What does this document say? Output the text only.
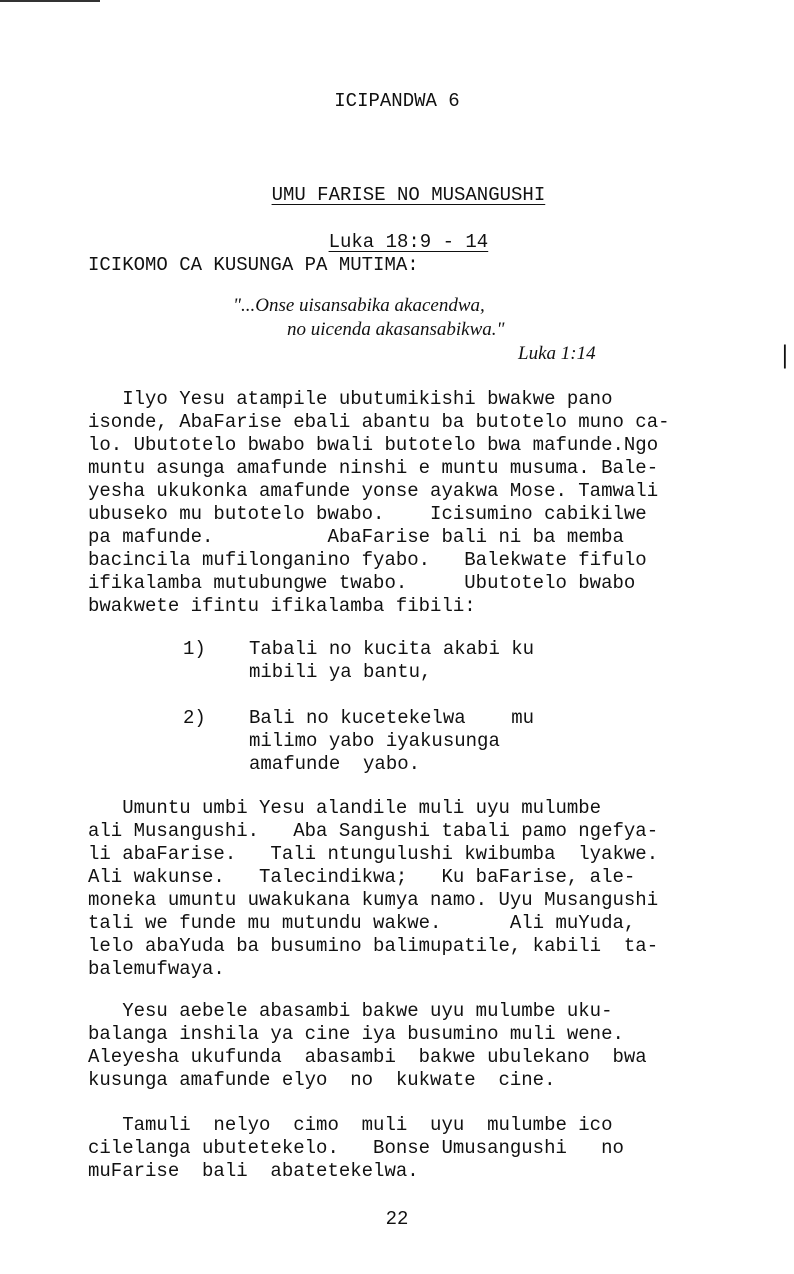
ICIPANDWA 6

UMU FARISE NO MUSANGUSHI

Luka 18:9 - 14

ICIKOMO CA KUSUNGA PA MUTIMA:
"...Onse uisansabika akacendwa,
no uicenda akasansabikwa."
Luka 1:14	|
Ilyo Yesu atampile ubutumikishi bwakwe pano
isonde, AbaFarise ebali abantu ba butotelo muno ca-
lo. Ubutotelo bwabo bwali butotelo bwa mafunde.Ngo
muntu asunga amafunde ninshi e muntu musuma. Bale-
yesha ukukonka amafunde yonse ayakwa Mose. Tamwali
ubuseko mu butotelo bwabo.    Icisumino cabikilwe
pa mafunde.          AbaFarise bali ni ba memba
bacincila mufilonganino fyabo.   Balekwate fifulo
ifikalamba mutubungwe twabo.     Ubutotelo bwabo
bwakwete ifintu ifikalamba fibili:
1) Tabali no kucita akabi ku
mibili ya bantu,
2) Bali no kucetekelwa    mu
milimo yabo iyakusunga
amafunde  yabo.
Umuntu umbi Yesu alandile muli uyu mulumbe
ali Musangushi.   Aba Sangushi tabali pamo ngefya-
li abaFarise.   Tali ntungulushi kwibumba  lyakwe.
Ali wakunse.   Talecindikwa;   Ku baFarise, ale-
moneka umuntu uwakukana kumya namo. Uyu Musangushi
tali we funde mu mutundu wakwe.      Ali muYuda,
lelo abaYuda ba busumino balimupatile, kabili  ta-
balemufwaya.
Yesu aebele abasambi bakwe uyu mulumbe uku-
balanga inshila ya cine iya busumino muli wene.
Aleyesha ukufunda  abasambi  bakwe ubulekano  bwa
kusunga amafunde elyo  no  kukwate  cine.
Tamuli  nelyo  cimo  muli  uyu  mulumbe ico
cilelanga ubutetekelo.   Bonse Umusangushi   no
muFarise  bali  abatetekelwa.
22
